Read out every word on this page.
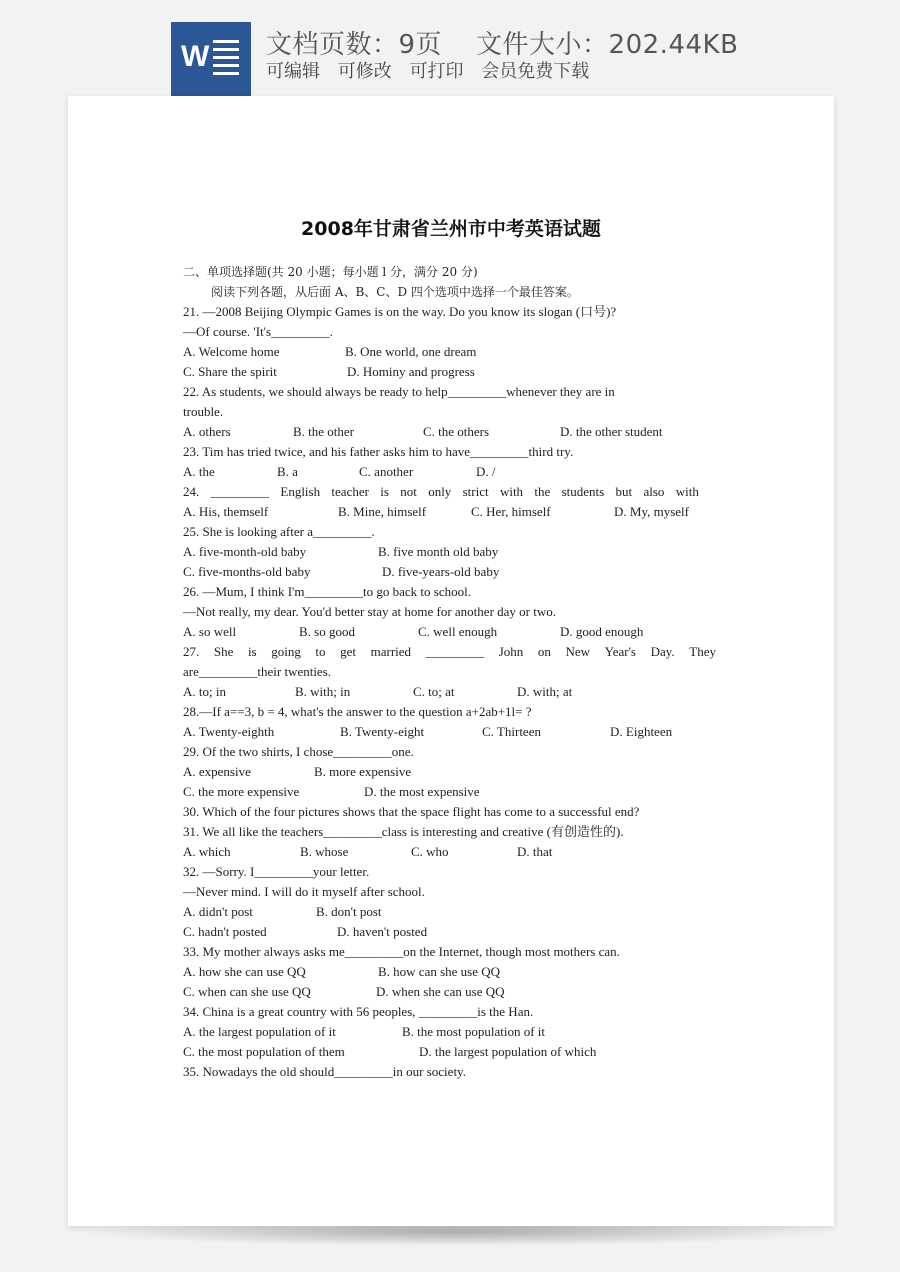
W 文档页数：9页 文件大小：202.44KB
可编辑 可修改 可打印 会员免费下载
2008年甘肃省兰州市中考英语试题
二、单项选择题(共 20 小题；每小题 l 分，满分 20 分)
阅读下列各题，从后面 A、B、C、D 四个选项中选择一个最佳答案。
21. —2008 Beijing Olympic Games is on the way. Do you know its slogan (口号)?
—Of course. 'It's_________.
A. Welcome home	B. One world, one dream
C. Share the spirit	D. Hominy and progress
22. As students, we should always be ready to help_________whenever they are in
trouble.
A. others	B. the other	C. the others	D. the other student
23. Tim has tried twice, and his father asks him to have_________third try.
A. the	B. a	C. another	D. /
24. _________ English teacher is not only strict with the students but also with
A. His, themself	B. Mine, himself	C. Her, himself	D. My, myself
25. She is looking after a_________.
A. five-month-old baby	B. five month old baby
C. five-months-old baby	D. five-years-old baby
26. —Mum, I think I'm_________to go back to school.
—Not really, my dear. You'd better stay at home for another day or two.
A. so well	B. so good	C. well enough	D. good enough
27. She is going to get married _________ John on New Year's Day. They
are_________their twenties.
A. to; in	B. with; in	C. to; at	D. with; at
28.—If a==3, b = 4, what's the answer to the question a+2ab+1l= ?
A. Twenty-eighth	B. Twenty-eight	C. Thirteen	D. Eighteen
29. Of the two shirts, I chose_________one.
A. expensive	B. more expensive
C. the more expensive	D. the most expensive
30. Which of the four pictures shows that the space flight has come to a successful end?
31. We all like the teachers_________class is interesting and creative (有创造性的).
A. which	B. whose	C. who	D. that
32. —Sorry. I_________your letter.
—Never mind. I will do it myself after school.
A. didn't post	B. don't post
C. hadn't posted	D. haven't posted
33. My mother always asks me_________on the Internet, though most mothers can.
A. how she can use QQ	B. how can she use QQ
C. when can she use QQ	D. when she can use QQ
34. China is a great country with 56 peoples, _________is the Han.
A. the largest population of it	B. the most population of it
C. the most population of them	D. the largest population of which
35. Nowadays the old should_________in our society.
